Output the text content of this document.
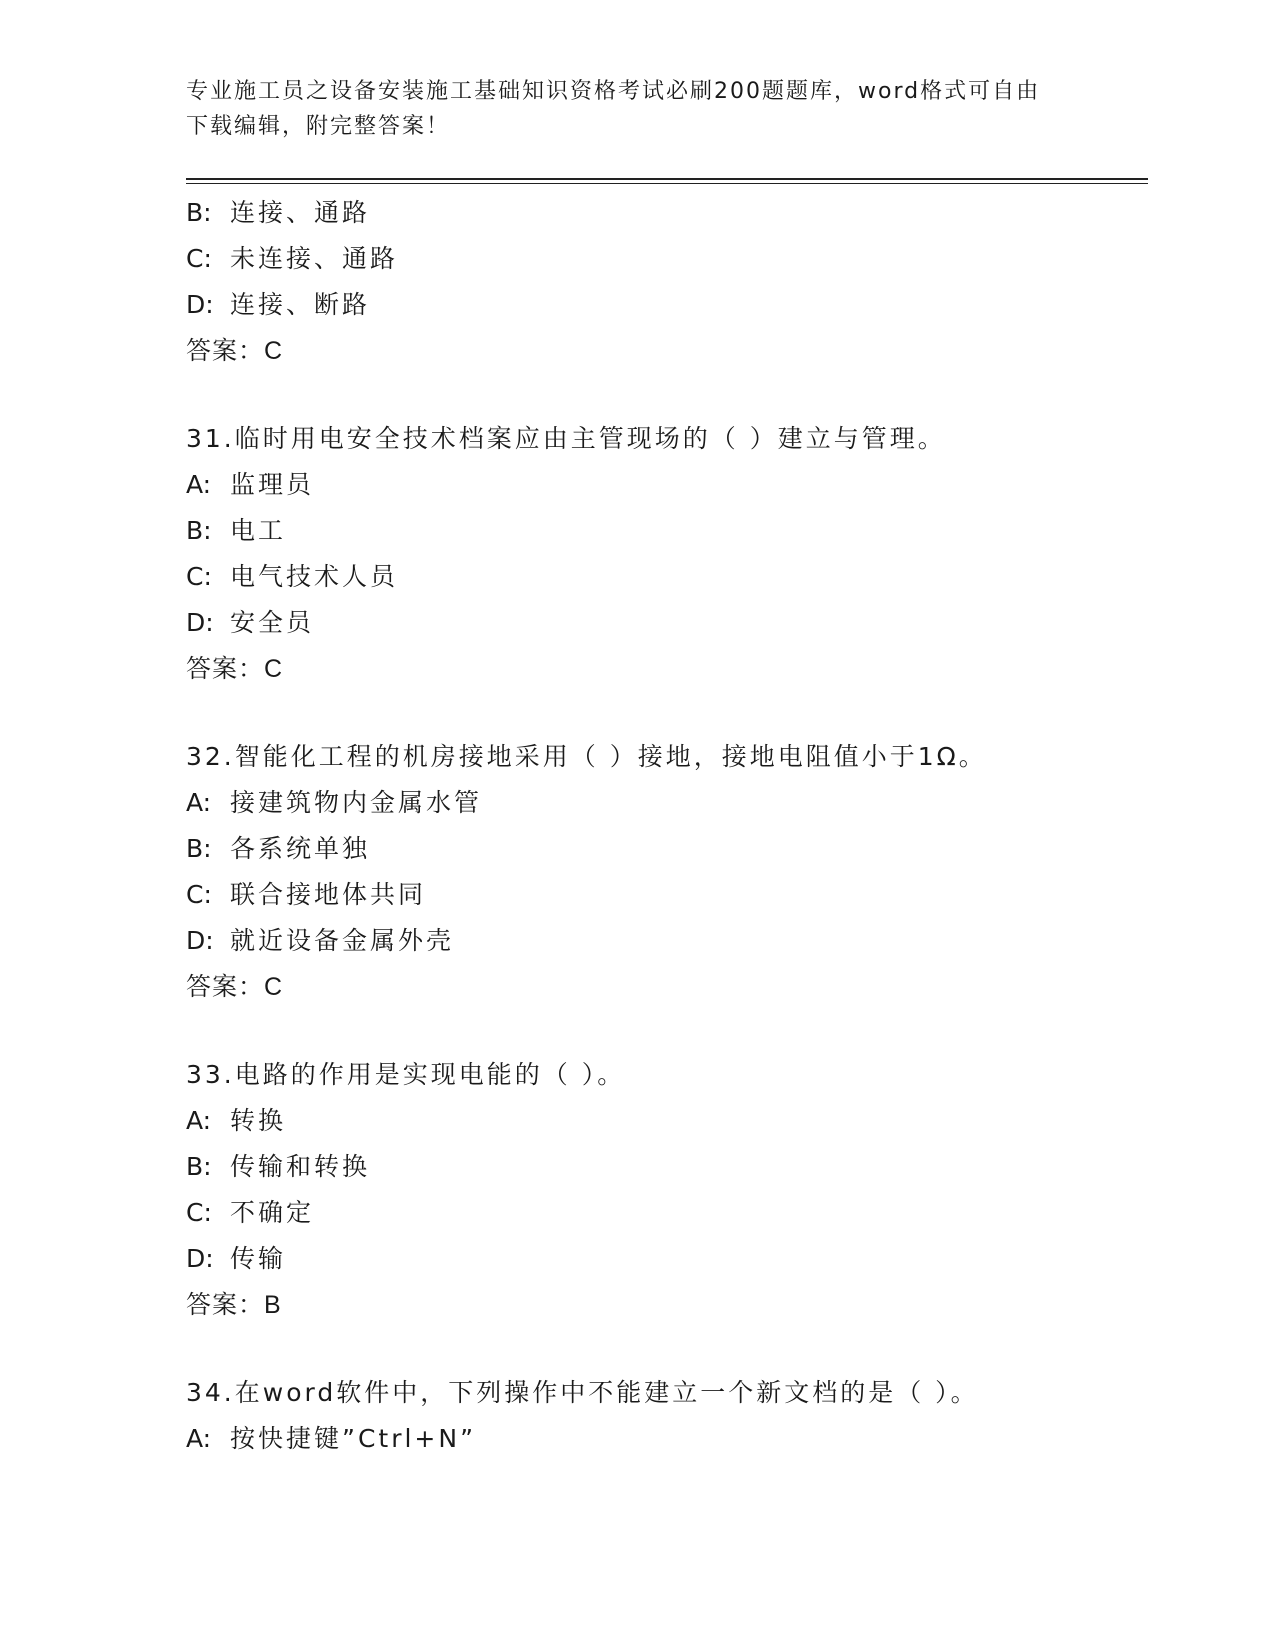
专业施工员之设备安装施工基础知识资格考试必刷200题题库，word格式可自由
下载编辑，附完整答案！
B: 连接、通路
C: 未连接、通路
D: 连接、断路
答案：C
31.临时用电安全技术档案应由主管现场的（ ）建立与管理。
A: 监理员
B: 电工
C: 电气技术人员
D: 安全员
答案：C
32.智能化工程的机房接地采用（ ）接地，接地电阻值小于1Ω。
A: 接建筑物内金属水管
B: 各系统单独
C: 联合接地体共同
D: 就近设备金属外壳
答案：C
33.电路的作用是实现电能的（ ）。
A: 转换
B: 传输和转换
C: 不确定
D: 传输
答案：B
34.在word软件中，下列操作中不能建立一个新文档的是（ ）。
A: 按快捷键”Ctrl+N”
